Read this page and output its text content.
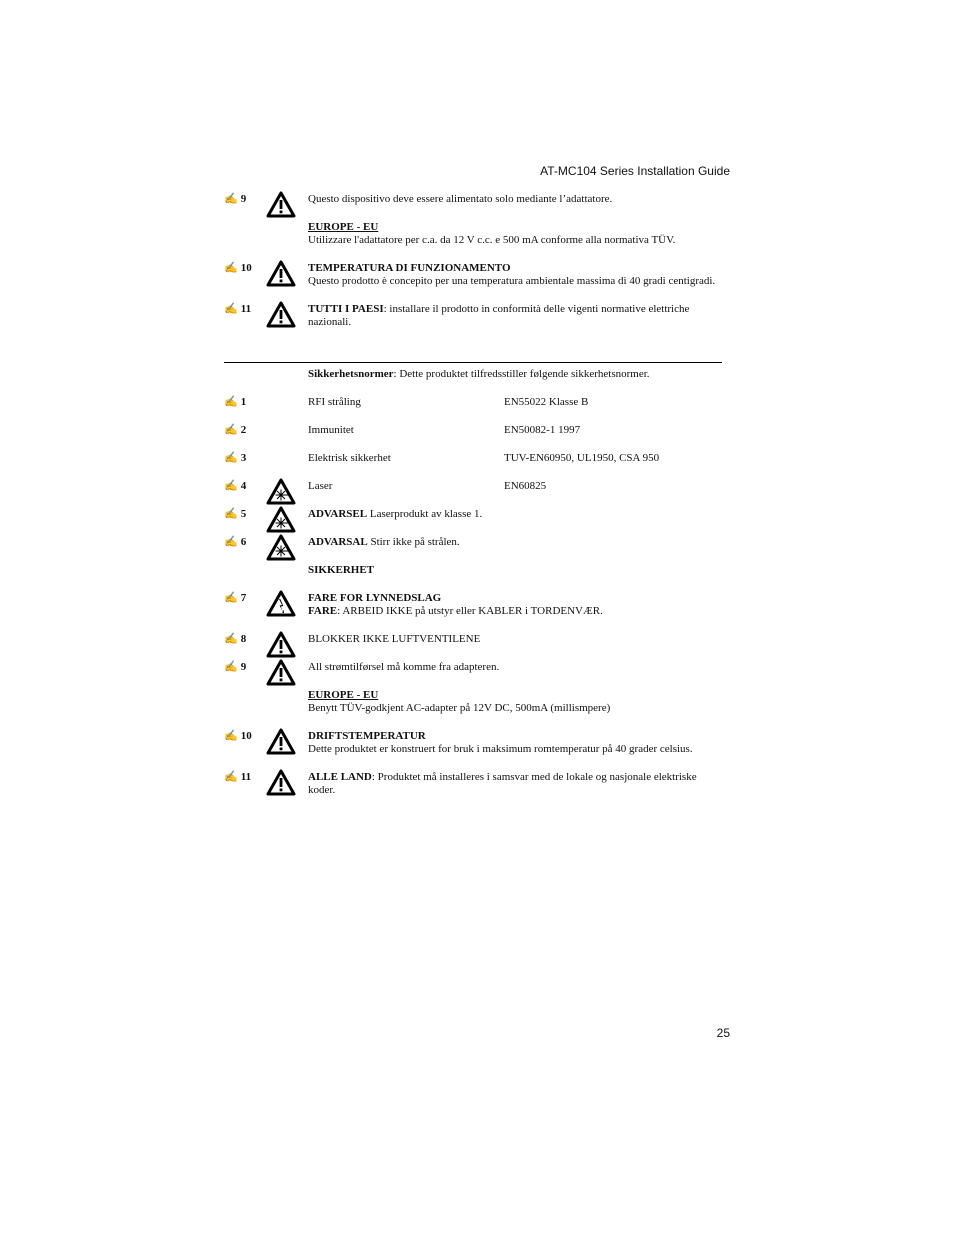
AT-MC104 Series Installation Guide
✍ 9	Questo dispositivo deve essere alimentato solo mediante l’adattatore.
EUROPE - EU
Utilizzare l'adattatore per c.a. da 12 V c.c. e 500 mA conforme alla normativa TÜV.
✍ 10	TEMPERATURA DI FUNZIONAMENTO
Questo prodotto è concepito per una temperatura ambientale massima di 40 gradi centigradi.
✍ 11	TUTTI I PAESI: installare il prodotto in conformità delle vigenti normative elettriche nazionali.
Sikkerhetsnormer: Dette produktet tilfredsstiller følgende sikkerhetsnormer.
✍ 1	RFI stråling	EN55022 Klasse B
✍ 2	Immunitet	EN50082-1 1997
✍ 3	Elektrisk sikkerhet	TUV-EN60950, UL1950, CSA 950
✍ 4	Laser	EN60825
✍ 5	ADVARSEL Laserprodukt av klasse 1.
✍ 6	ADVARSAL Stirr ikke på strålen.
SIKKERHET
✍ 7	FARE FOR LYNNEDSLAG
FARE: ARBEID IKKE på utstyr eller KABLER i TORDENVÆR.
✍ 8	BLOKKER IKKE LUFTVENTILENE
✍ 9	All strømtilførsel må komme fra adapteren.
EUROPE - EU
Benytt TÜV-godkjent AC-adapter på 12V DC, 500mA (millismpere)
✍ 10	DRIFTSTEMPERATUR
Dette produktet er konstruert for bruk i maksimum romtemperatur på 40 grader celsius.
✍ 11	ALLE LAND: Produktet må installeres i samsvar med de lokale og nasjonale elektriske koder.
25
